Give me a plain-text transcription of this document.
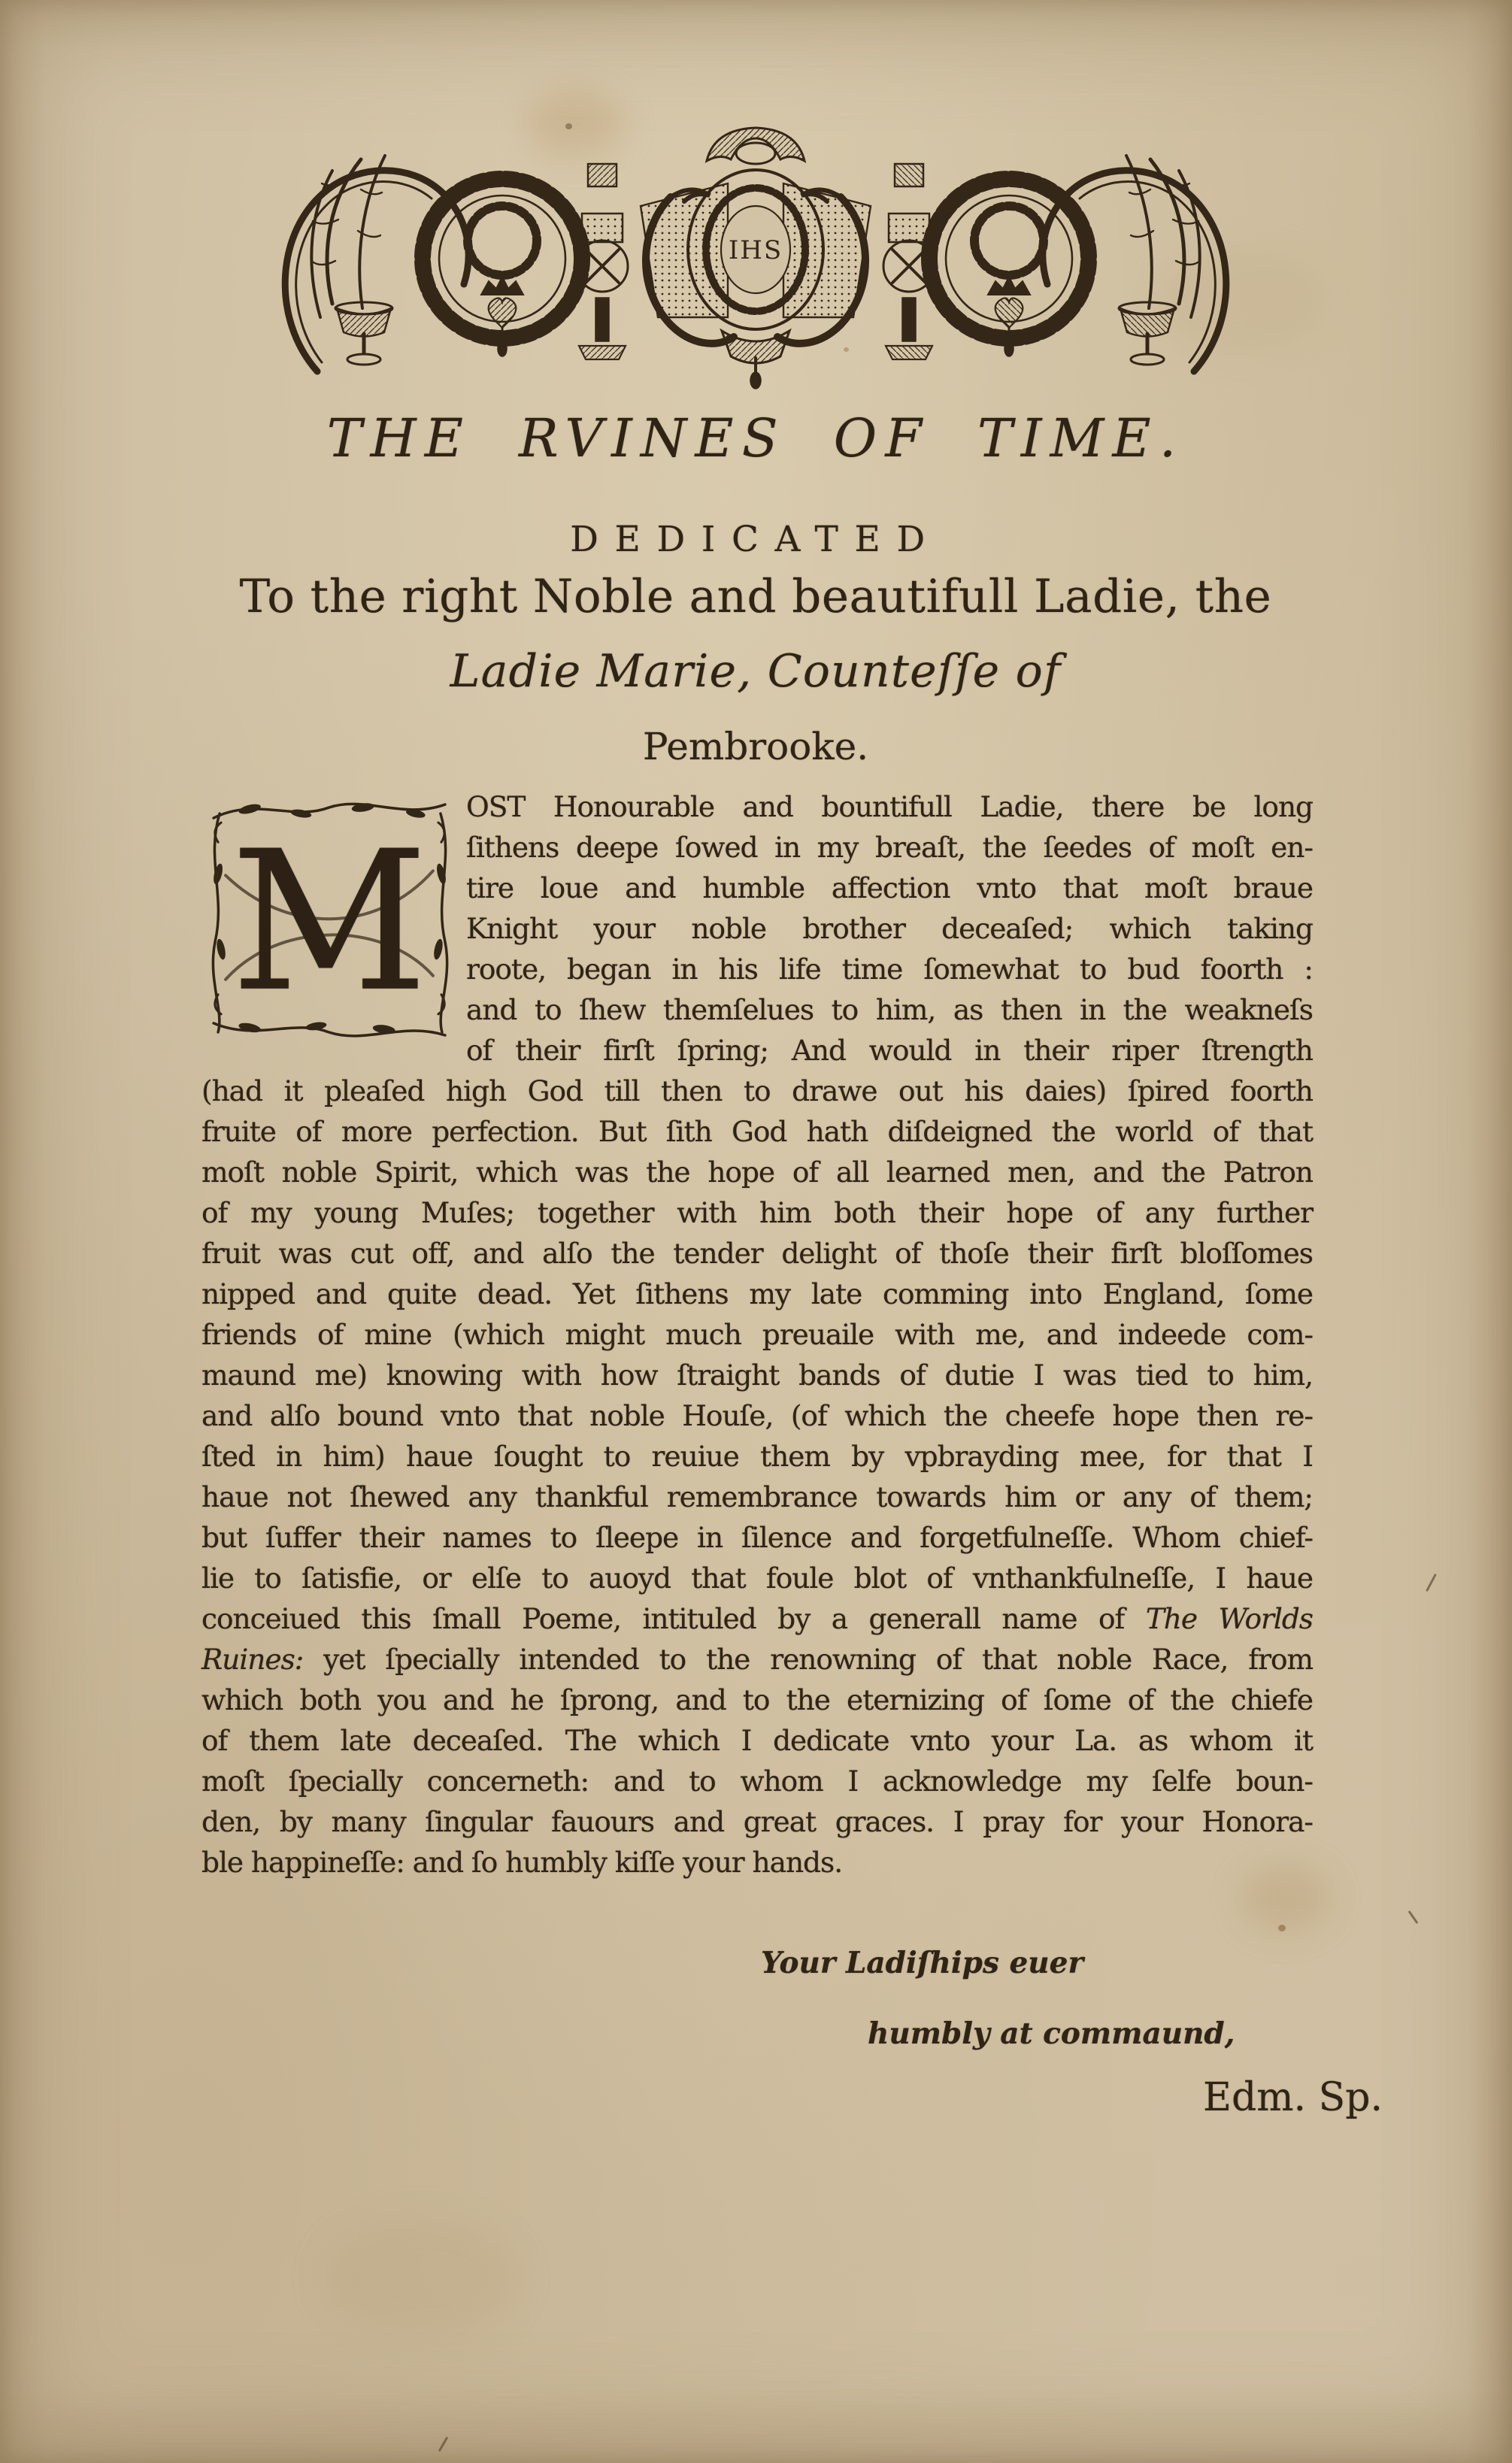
IHS
THE RVINES OF TIME.
DEDICATED
To the right Noble and beautifull Ladie, the
Ladie Marie, Counteſſe of
Pembrooke.
M
OST Honourable and bountifull Ladie, there be long
ſithens deepe ſowed in my breaſt, the ſeedes of moſt en-
tire loue and humble affection vnto that moſt braue
Knight your noble brother deceaſed; which taking
roote, began in his life time ſomewhat to bud foorth :
and to ſhew themſelues to him, as then in the weakneſs
of their firſt ſpring; And would in their riper ſtrength
(had it pleaſed high God till then to drawe out his daies) ſpired foorth
fruite of more perfection. But ſith God hath diſdeigned the world of that
moſt noble Spirit, which was the hope of all learned men, and the Patron
of my young Muſes; together with him both their hope of any further
fruit was cut off, and alſo the tender delight of thoſe their firſt bloſſomes
nipped and quite dead. Yet ſithens my late comming into England, ſome
friends of mine (which might much preuaile with me, and indeede com-
maund me) knowing with how ſtraight bands of dutie I was tied to him,
and alſo bound vnto that noble Houſe, (of which the cheefe hope then re-
ſted in him) haue ſought to reuiue them by vpbrayding mee, for that I
haue not ſhewed any thankful remembrance towards him or any of them;
but ſuffer their names to ſleepe in ſilence and forgetfulneſſe. Whom chief-
lie to ſatisfie, or elſe to auoyd that foule blot of vnthankfulneſſe, I haue
conceiued this ſmall Poeme, intituled by a generall name of The Worlds
Ruines: yet ſpecially intended to the renowning of that noble Race, from
which both you and he ſprong, and to the eternizing of ſome of the chiefe
of them late deceaſed. The which I dedicate vnto your La. as whom it
moſt ſpecially concerneth: and to whom I acknowledge my ſelfe boun-
den, by many ſingular fauours and great graces. I pray for your Honora-
ble happineſſe: and ſo humbly kiſſe your hands.
Your Ladiſhips euer
humbly at commaund,
Edm. Sp.
